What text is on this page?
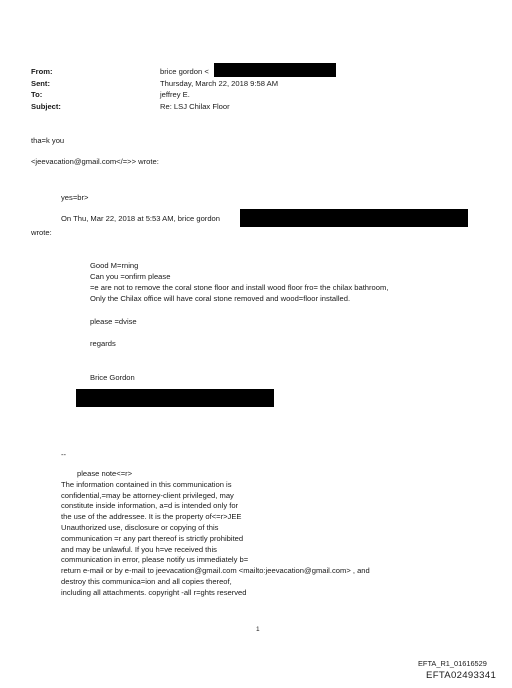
From:
Sent:
To:
Subject:
brice gordon <
Thursday, March 22, 2018 9:58 AM
jeffrey E.
Re: LSJ Chilax Floor
tha=k you
<jeevacation@gmail.com</=>> wrote:
yes=br>
On Thu, Mar 22, 2018 at 5:53 AM, brice gordon
wrote:
Good M=rning
Can you =onfirm please
=e are not to remove the coral stone floor and install wood floor fro= the chilax bathroom,
Only the Chilax office will have coral stone removed and wood=floor installed.
please =dvise
regards
Brice Gordon
--
please note<=r>
The information contained in this communication is
confidential,=may be attorney-client privileged, may
constitute inside information, a=d is intended only for
the use of the addressee. It is the property of<=r>JEE
Unauthorized use, disclosure or copying of this
communication =r any part thereof is strictly prohibited
and may be unlawful. If you h=ve received this
communication in error, please notify us immediately b=
return e-mail or by e-mail to jeevacation@gmail.com <mailto:jeevacation@gmail.com> , and
destroy this communica=ion and all copies thereof,
including all attachments. copyright -all r=ghts reserved
1
EFTA_R1_01616529
EFTA02493341
